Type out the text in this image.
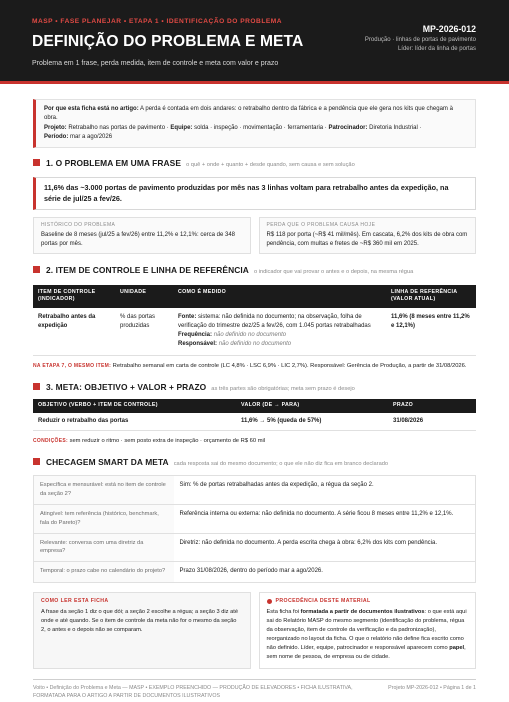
MASP • FASE PLANEJAR • ETAPA 1 • IDENTIFICAÇÃO DO PROBLEMA
DEFINIÇÃO DO PROBLEMA E META
Problema em 1 frase, perda medida, item de controle e meta com valor e prazo
MP-2026-012
Produção · linhas de portas de pavimento
Líder: líder da linha de portas
Por que esta ficha está no artigo: A perda é contada em dois andares: o retrabalho dentro da fábrica e a pendência que ele gera nos kits que chegam à obra.
Projeto: Retrabalho nas portas de pavimento · Equipe: solda · inspeção · movimentação · ferramentaria · Patrocinador: Diretoria Industrial ·
Período: mar a ago/2026
1. O PROBLEMA EM UMA FRASE o quê + onde + quanto + desde quando, sem causa e sem solução
11,6% das ~3.000 portas de pavimento produzidas por mês nas 3 linhas voltam para retrabalho antes da expedição, na série de jul/25 a fev/26.
HISTÓRICO DO PROBLEMA
Baseline de 8 meses (jul/25 a fev/26) entre 11,2% e 12,1%: cerca de 348 portas por mês.
PERDA QUE O PROBLEMA CAUSA HOJE
R$ 118 por porta (~R$ 41 mil/mês). Em cascata, 6,2% dos kits de obra com pendência, com multas e fretes de ~R$ 360 mil em 2025.
2. ITEM DE CONTROLE E LINHA DE REFERÊNCIA o indicador que vai provar o antes e o depois, na mesma régua
ITEM DE CONTROLE (INDICADOR)	UNIDADE	COMO É MEDIDO	LINHA DE REFERÊNCIA (VALOR ATUAL)
Retrabalho antes da expedição	% das portas produzidas	Fonte: sistema: não definida no documento; na observação, folha de verificação do trimestre dez/25 a fev/26, com 1.045 portas retrabalhadas
Frequência: não definido no documento
Responsável: não definido no documento	11,6% (8 meses entre 11,2% e 12,1%)
NA ETAPA 7, O MESMO ITEM: Retrabalho semanal em carta de controle (LC 4,8% · LSC 6,9% · LIC 2,7%). Responsável: Gerência de Produção, a partir de 31/08/2026.
3. META: OBJETIVO + VALOR + PRAZO as três partes são obrigatórias; meta sem prazo é desejo
OBJETIVO (VERBO + ITEM DE CONTROLE)	VALOR (DE → PARA)	PRAZO
Reduzir o retrabalho das portas	11,6% → 5% (queda de 57%)	31/08/2026
CONDIÇÕES: sem reduzir o ritmo · sem posto extra de inspeção · orçamento de R$ 60 mil
CHECAGEM SMART DA META cada resposta sai do mesmo documento; o que ele não diz fica em branco declarado
Específica e mensurável: está no item de controle da seção 2?	Sim: % de portas retrabalhadas antes da expedição, a régua da seção 2.
Atingível: tem referência (histórico, benchmark, fala do Pareto)?	Referência interna ou externa: não definida no documento. A série ficou 8 meses entre 11,2% e 12,1%.
Relevante: conversa com uma diretriz da empresa?	Diretriz: não definida no documento. A perda escrita chega à obra: 6,2% dos kits com pendência.
Temporal: o prazo cabe no calendário do projeto?	Prazo 31/08/2026, dentro do período mar a ago/2026.
COMO LER ESTA FICHA
A frase da seção 1 diz o que dói; a seção 2 escolhe a régua; a seção 3 diz até onde e até quando. Se o item de controle da meta não for o mesmo da seção 2, o antes e o depois não se comparam.
PROCEDÊNCIA DESTE MATERIAL
Esta ficha foi formatada a partir de documentos ilustrativos: o que está aqui sai do Relatório MASP do mesmo segmento (identificação do problema, régua da observação, item de controle da verificação e da padronização), reorganizado no layout da ficha. O que o relatório não define fica escrito como não definido. Líder, equipe, patrocinador e responsável aparecem como papel, sem nome de pessoa, de empresa ou de cidade.
Voito • Definição do Problema e Meta — MASP • EXEMPLO PREENCHIDO — PRODUÇÃO DE ELEVADORES • FICHA ILUSTRATIVA, FORMATADA PARA O ARTIGO A PARTIR DE DOCUMENTOS ILUSTRATIVOS
Projeto MP-2026-012 • Página 1 de 1
